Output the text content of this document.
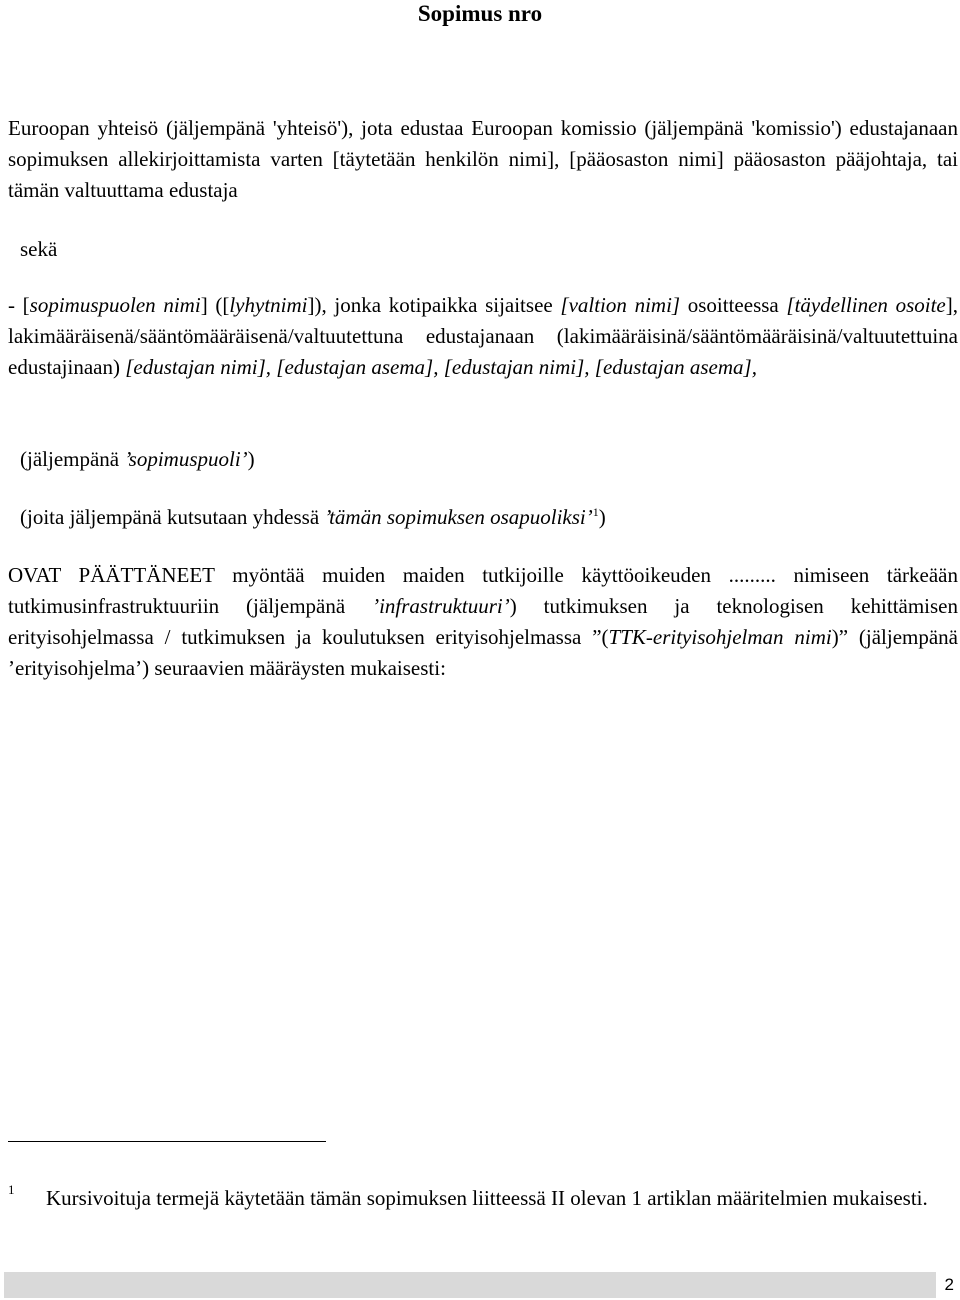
Sopimus nro

Euroopan yhteisö (jäljempänä 'yhteisö'), jota edustaa Euroopan komissio (jäljempänä 'komissio') edustajanaan sopimuksen allekirjoittamista varten [täytetään henkilön nimi], [pääosaston nimi] pääosaston pääjohtaja, tai tämän valtuuttama edustaja

sekä

- [sopimuspuolen nimi] ([lyhytnimi]), jonka kotipaikka sijaitsee [valtion nimi] osoitteessa [täydellinen osoite], lakimääräisenä/sääntömääräisenä/valtuutettuna edustajanaan (lakimääräisinä/sääntömääräisinä/valtuutettuina edustajinaan) [edustajan nimi], [edustajan asema], [edustajan nimi], [edustajan asema],

(jäljempänä ’sopimuspuoli’)

(joita jäljempänä kutsutaan yhdessä ’tämän sopimuksen osapuoliksi’$^1$)

OVAT PÄÄTTÄNEET myöntää muiden maiden tutkijoille käyttöoikeuden ......... nimiseen tärkeään tutkimusinfrastruktuuriin (jäljempänä ’infrastruktuuri’) tutkimuksen ja teknologisen kehittämisen erityisohjelmassa / tutkimuksen ja koulutuksen erityisohjelmassa ”(TTK-erityisohjelman nimi)” (jäljempänä ’erityisohjelma’) seuraavien määräysten mukaisesti:

1 Kursivoituja termejä käytetään tämän sopimuksen liitteessä II olevan 1 artiklan määritelmien mukaisesti.
2
